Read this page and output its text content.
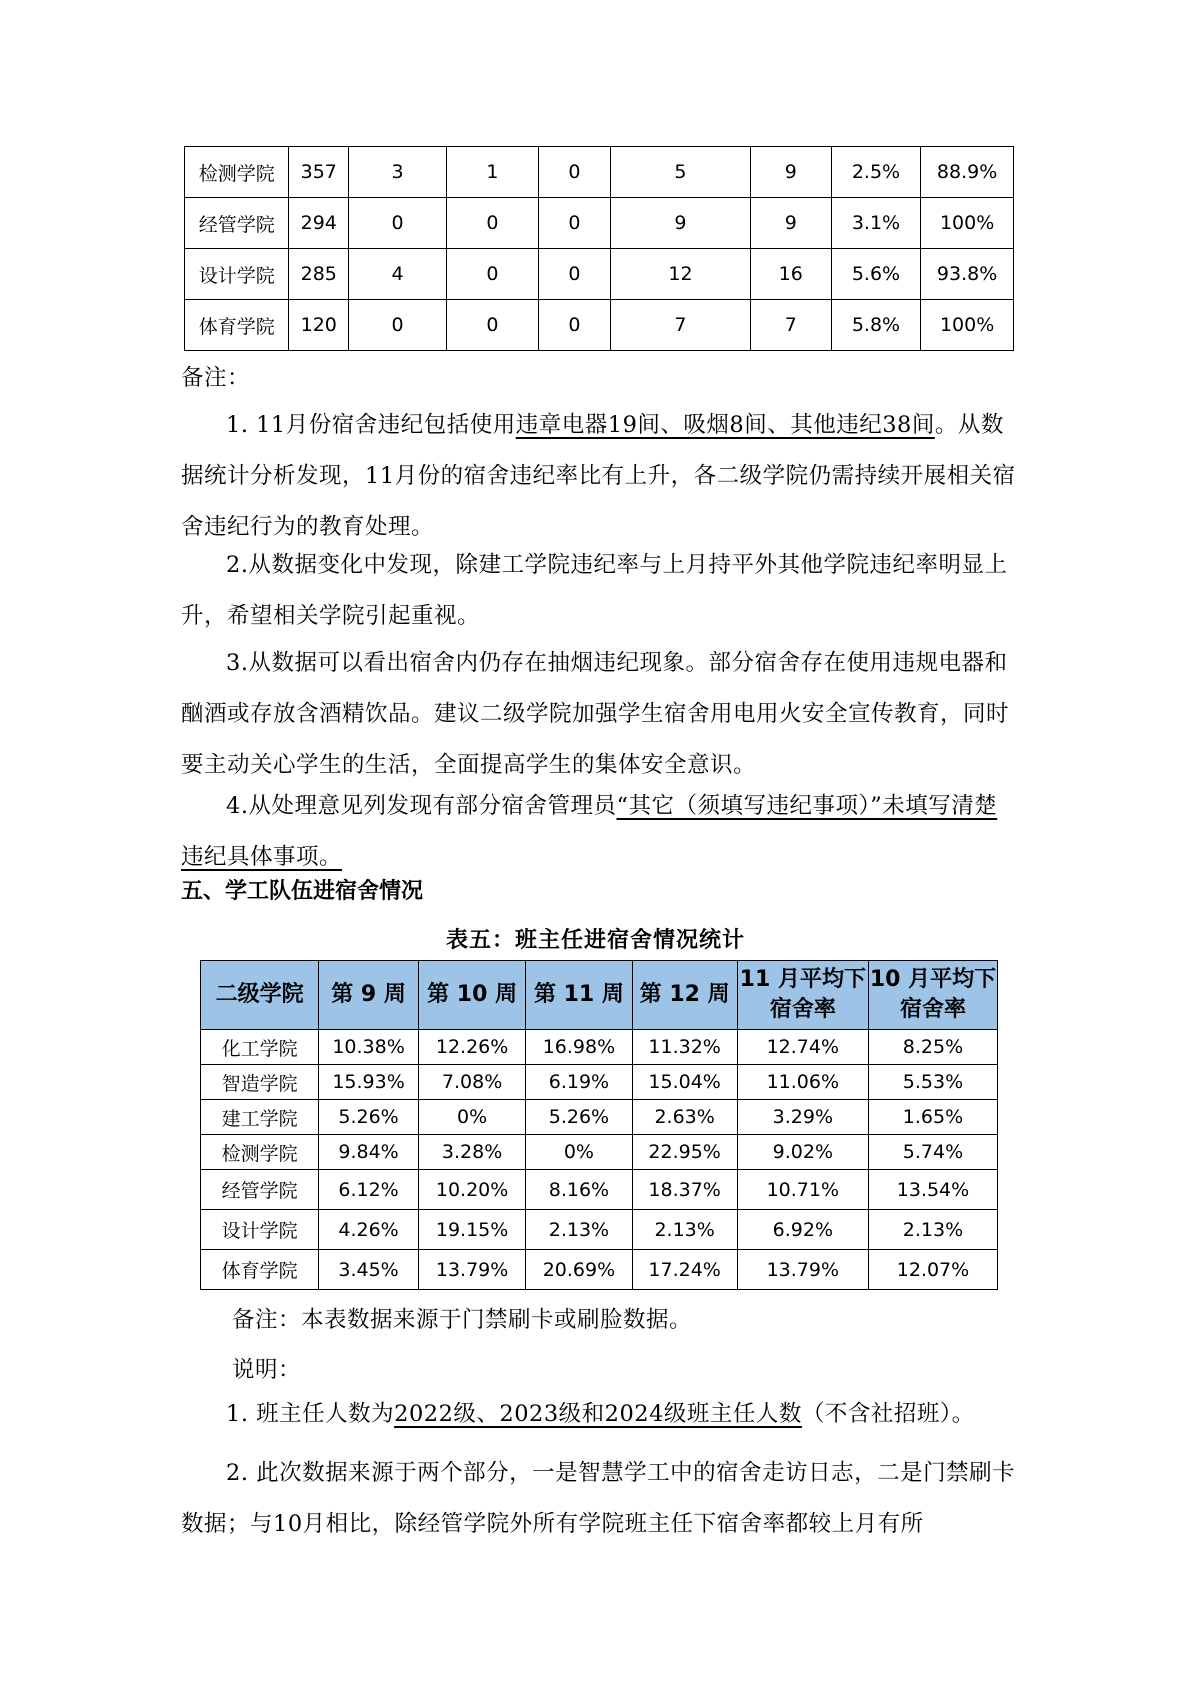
检测学院	357	3	1	0	5	9	2.5%	88.9%
经管学院	294	0	0	0	9	9	3.1%	100%
设计学院	285	4	0	0	12	16	5.6%	93.8%
体育学院	120	0	0	0	7	7	5.8%	100%

备注：

1. 11月份宿舍违纪包括使用违章电器19间、吸烟8间、其他违纪38间。从数据统计分析发现，11月份的宿舍违纪率比有上升，各二级学院仍需持续开展相关宿舍违纪行为的教育处理。

2.从数据变化中发现，除建工学院违纪率与上月持平外其他学院违纪率明显上升，希望相关学院引起重视。

3.从数据可以看出宿舍内仍存在抽烟违纪现象。部分宿舍存在使用违规电器和酗酒或存放含酒精饮品。建议二级学院加强学生宿舍用电用火安全宣传教育，同时要主动关心学生的生活，全面提高学生的集体安全意识。

4.从处理意见列发现有部分宿舍管理员“其它（须填写违纪事项）”未填写清楚违纪具体事项。

五、学工队伍进宿舍情况
表五：班主任进宿舍情况统计
二级学院	第 9 周	第 10 周	第 11 周	第 12 周	11 月平均下宿舍率	10 月平均下宿舍率
化工学院	10.38%	12.26%	16.98%	11.32%	12.74%	8.25%
智造学院	15.93%	7.08%	6.19%	15.04%	11.06%	5.53%
建工学院	5.26%	0%	5.26%	2.63%	3.29%	1.65%
检测学院	9.84%	3.28%	0%	22.95%	9.02%	5.74%
经管学院	6.12%	10.20%	8.16%	18.37%	10.71%	13.54%
设计学院	4.26%	19.15%	2.13%	2.13%	6.92%	2.13%
体育学院	3.45%	13.79%	20.69%	17.24%	13.79%	12.07%
备注：本表数据来源于门禁刷卡或刷脸数据。
说明：

1. 班主任人数为2022级、2023级和2024级班主任人数（不含社招班）。

2. 此次数据来源于两个部分，一是智慧学工中的宿舍走访日志，二是门禁刷卡数据；与10月相比，除经管学院外所有学院班主任下宿舍率都较上月有所
